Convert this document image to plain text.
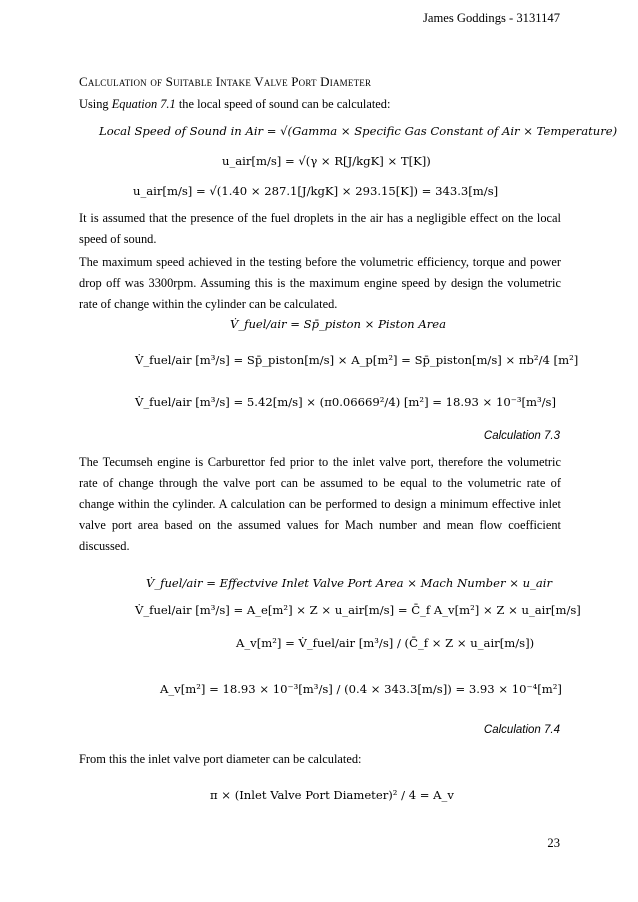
James Goddings - 3131147
Calculation of Suitable Intake Valve Port Diameter
Using Equation 7.1 the local speed of sound can be calculated:
Local Speed of Sound in Air = √(Gamma × Specific Gas Constant of Air × Temperature)
u_air[m/s] = √(γ × R[J/kgK] × T[K])
u_air[m/s] = √(1.40 × 287.1[J/kgK] × 293.15[K]) = 343.3[m/s]
It is assumed that the presence of the fuel droplets in the air has a negligible effect on the local speed of sound.
The maximum speed achieved in the testing before the volumetric efficiency, torque and power drop off was 3300rpm. Assuming this is the maximum engine speed by design the volumetric rate of change within the cylinder can be calculated.
V̇_fuel/air = Sp̄_piston × Piston Area
V̇_fuel/air [m³/s] = Sp̄_piston[m/s] × A_p[m²] = Sp̄_piston[m/s] × πb²/4 [m²]
V̇_fuel/air [m³/s] = 5.42[m/s] × (π0.06669²/4) [m²] = 18.93 × 10⁻³[m³/s]
Calculation 7.3
The Tecumseh engine is Carburettor fed prior to the inlet valve port, therefore the volumetric rate of change through the valve port can be assumed to be equal to the volumetric rate of change within the cylinder. A calculation can be performed to design a minimum effective inlet valve port area based on the assumed values for Mach number and mean flow coefficient discussed.
V̇_fuel/air = Effectvive Inlet Valve Port Area × Mach Number × u_air
V̇_fuel/air [m³/s] = A_e[m²] × Z × u_air[m/s] = C̄_f A_v[m²] × Z × u_air[m/s]
A_v[m²] = V̇_fuel/air [m³/s] / (C̄_f × Z × u_air[m/s])
A_v[m²] = 18.93 × 10⁻³[m³/s] / (0.4 × 343.3[m/s]) = 3.93 × 10⁻⁴[m²]
Calculation 7.4
From this the inlet valve port diameter can be calculated:
π × (Inlet Valve Port Diameter)² / 4 = A_v
23
